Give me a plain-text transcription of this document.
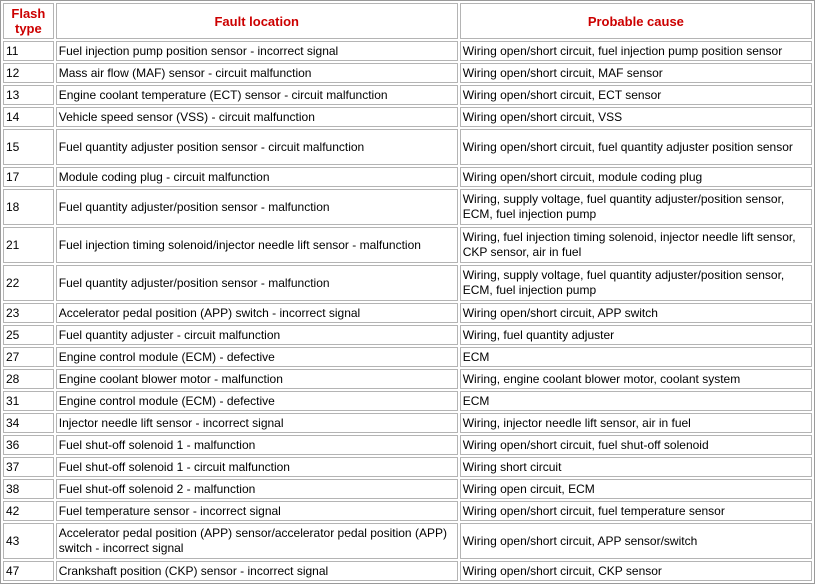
Flash type	Fault location	Probable cause
11	Fuel injection pump position sensor - incorrect signal	Wiring open/short circuit, fuel injection pump position sensor
12	Mass air flow (MAF) sensor - circuit malfunction	Wiring open/short circuit, MAF sensor
13	Engine coolant temperature (ECT) sensor - circuit malfunction	Wiring open/short circuit, ECT sensor
14	Vehicle speed sensor (VSS) - circuit malfunction	Wiring open/short circuit, VSS
15	Fuel quantity adjuster position sensor - circuit malfunction	Wiring open/short circuit, fuel quantity adjuster position sensor
17	Module coding plug - circuit malfunction	Wiring open/short circuit, module coding plug
18	Fuel quantity adjuster/position sensor - malfunction	Wiring, supply voltage, fuel quantity adjuster/position sensor, ECM, fuel injection pump
21	Fuel injection timing solenoid/injector needle lift sensor - malfunction	Wiring, fuel injection timing solenoid, injector needle lift sensor, CKP sensor, air in fuel
22	Fuel quantity adjuster/position sensor - malfunction	Wiring, supply voltage, fuel quantity adjuster/position sensor, ECM, fuel injection pump
23	Accelerator pedal position (APP) switch - incorrect signal	Wiring open/short circuit, APP switch
25	Fuel quantity adjuster - circuit malfunction	Wiring, fuel quantity adjuster
27	Engine control module (ECM) - defective	ECM
28	Engine coolant blower motor - malfunction	Wiring, engine coolant blower motor, coolant system
31	Engine control module (ECM) - defective	ECM
34	Injector needle lift sensor - incorrect signal	Wiring, injector needle lift sensor, air in fuel
36	Fuel shut-off solenoid 1 - malfunction	Wiring open/short circuit, fuel shut-off solenoid
37	Fuel shut-off solenoid 1 - circuit malfunction	Wiring short circuit
38	Fuel shut-off solenoid 2 - malfunction	Wiring open circuit, ECM
42	Fuel temperature sensor - incorrect signal	Wiring open/short circuit, fuel temperature sensor
43	Accelerator pedal position (APP) sensor/accelerator pedal position (APP) switch - incorrect signal	Wiring open/short circuit, APP sensor/switch
47	Crankshaft position (CKP) sensor - incorrect signal	Wiring open/short circuit, CKP sensor
